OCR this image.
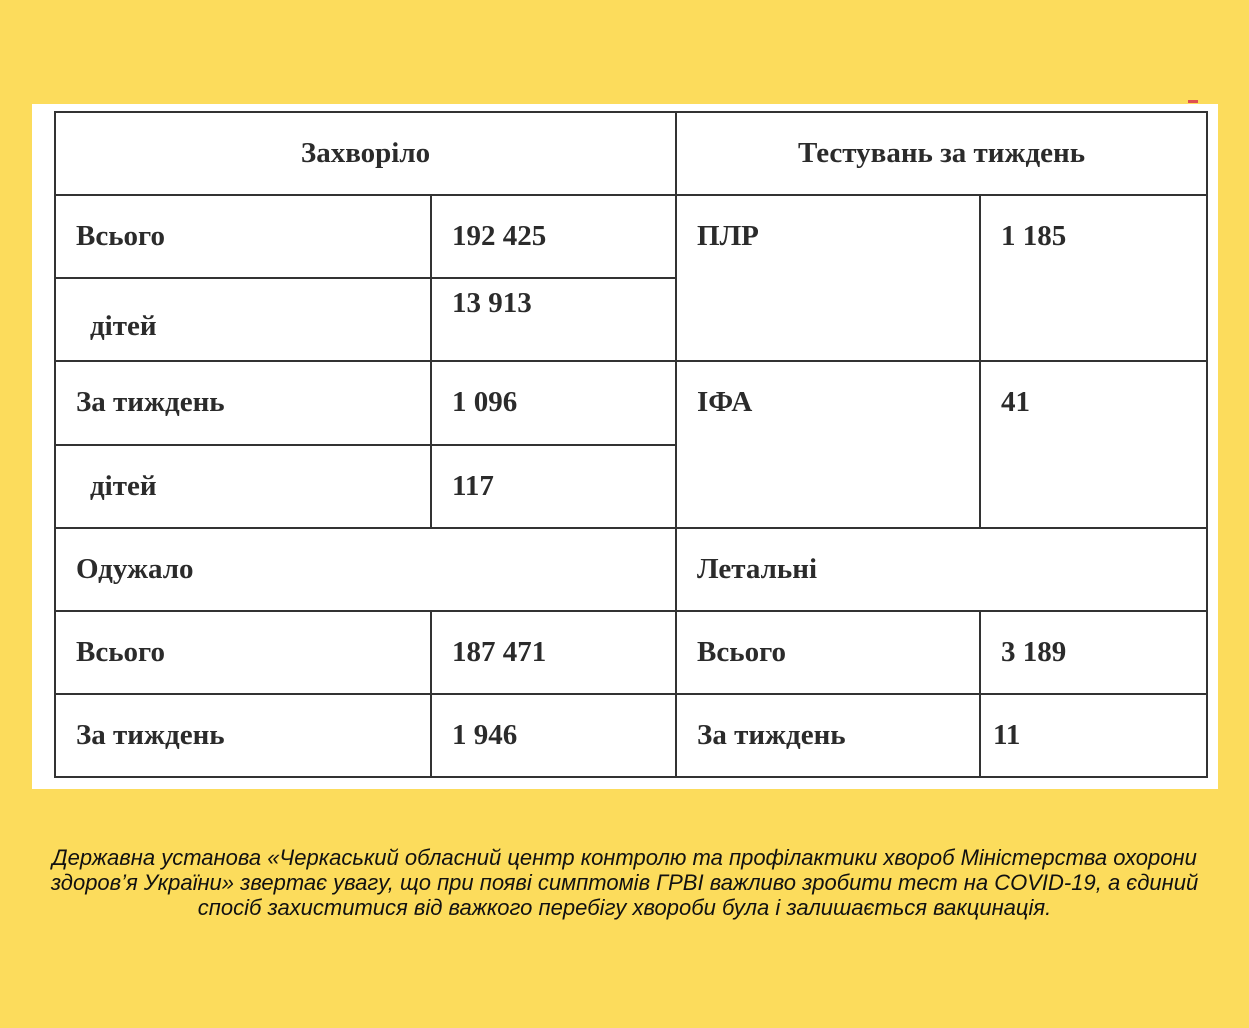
Захворіло		Тестувань за тиждень	
Всього	192 425	ПЛР	1 185
дітей	13 913		
За тиждень	1 096	ІФА	41
дітей	117		
Одужало		Летальні	
Всього	187 471	Всього	3 189
За тиждень	1 946	За тиждень	11
Державна установа «Черкаський обласний центр контролю та профілактики хвороб Міністерства охорони здоров’я України» звертає увагу, що при появі симптомів ГРВІ важливо зробити тест на COVID-19, а єдиний спосіб захиститися від важкого перебігу хвороби була і залишається вакцинація.
